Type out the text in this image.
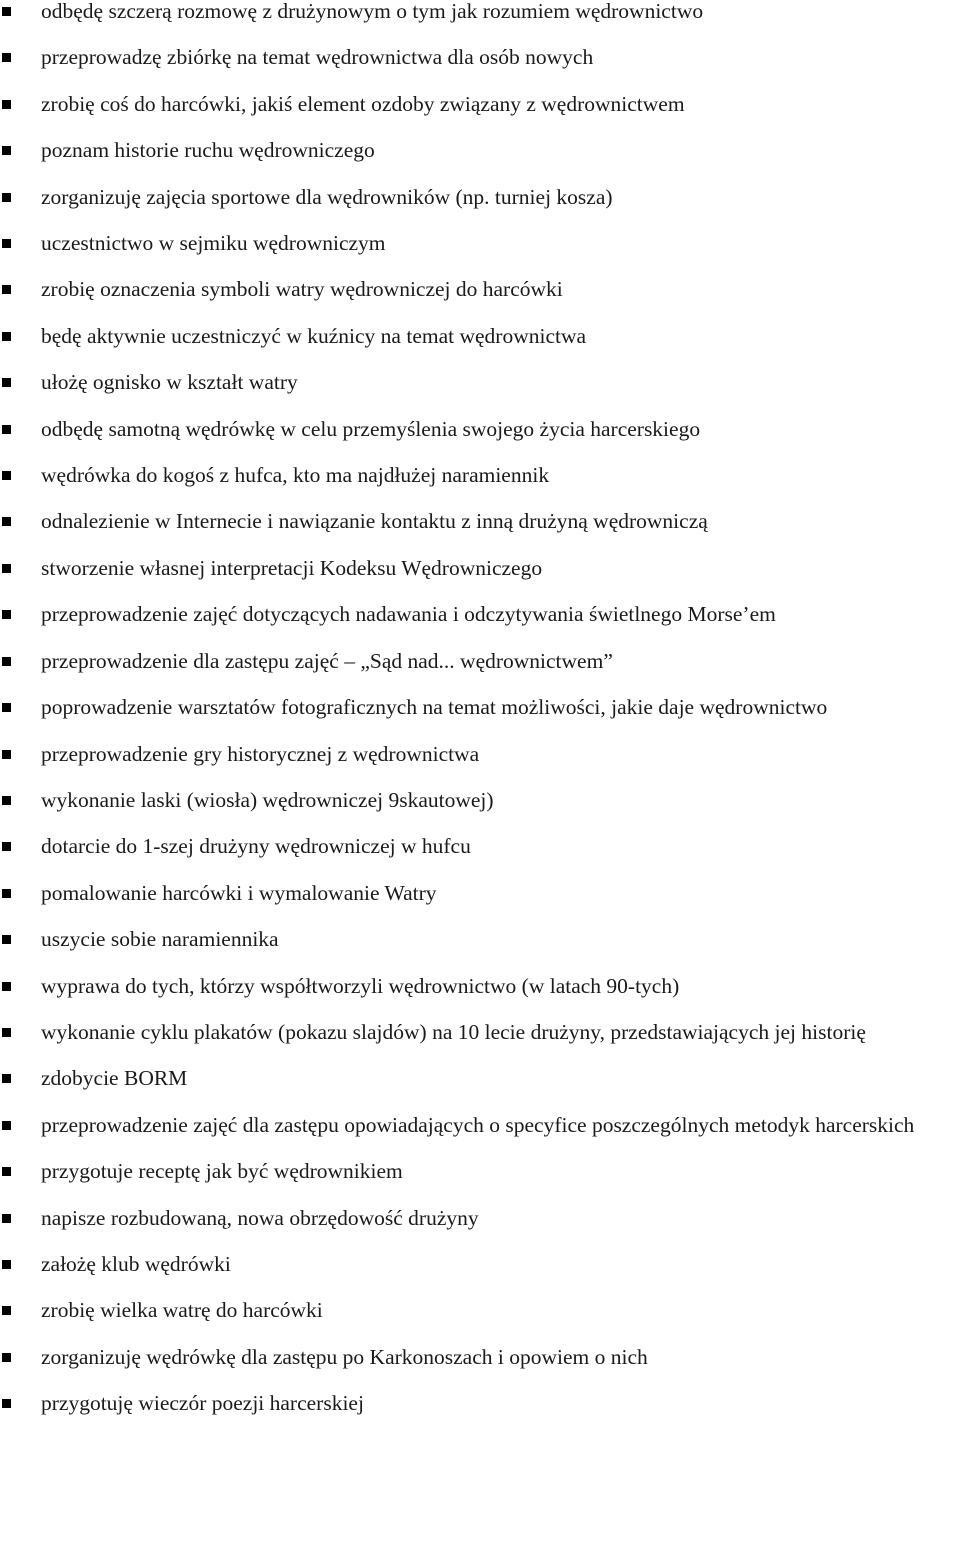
odbędę szczerą rozmowę z drużynowym o tym jak rozumiem wędrownictwo
przeprowadzę zbiórkę na temat wędrownictwa dla osób nowych
zrobię coś do harcówki, jakiś element ozdoby związany z wędrownictwem
poznam historie ruchu wędrowniczego
zorganizuję zajęcia sportowe dla wędrowników (np. turniej kosza)
uczestnictwo w sejmiku wędrowniczym
zrobię oznaczenia symboli watry wędrowniczej do harcówki
będę aktywnie uczestniczyć w kuźnicy na temat wędrownictwa
ułożę ognisko w kształt watry
odbędę samotną wędrówkę w celu przemyślenia swojego życia harcerskiego
wędrówka do kogoś z hufca, kto ma najdłużej naramiennik
odnalezienie w Internecie i nawiązanie kontaktu z inną drużyną wędrowniczą
stworzenie własnej interpretacji Kodeksu Wędrowniczego
przeprowadzenie zajęć dotyczących nadawania i odczytywania świetlnego Morse’em
przeprowadzenie dla zastępu zajęć – „Sąd nad... wędrownictwem”
poprowadzenie warsztatów fotograficznych na temat możliwości, jakie daje wędrownictwo
przeprowadzenie gry historycznej z wędrownictwa
wykonanie laski (wiosła) wędrowniczej 9skautowej)
dotarcie do 1-szej drużyny wędrowniczej w hufcu
pomalowanie harcówki i wymalowanie Watry
uszycie sobie naramiennika
wyprawa do tych, którzy współtworzyli wędrownictwo (w latach 90-tych)
wykonanie cyklu plakatów (pokazu slajdów) na 10 lecie drużyny, przedstawiających jej historię
zdobycie BORM
przeprowadzenie zajęć dla zastępu opowiadających o specyfice poszczególnych metodyk harcerskich
przygotuje receptę jak być wędrownikiem
napisze rozbudowaną, nowa obrzędowość drużyny
założę klub wędrówki
zrobię wielka watrę do harcówki
zorganizuję wędrówkę dla zastępu po Karkonoszach i opowiem o nich
przygotuję wieczór poezji harcerskiej
